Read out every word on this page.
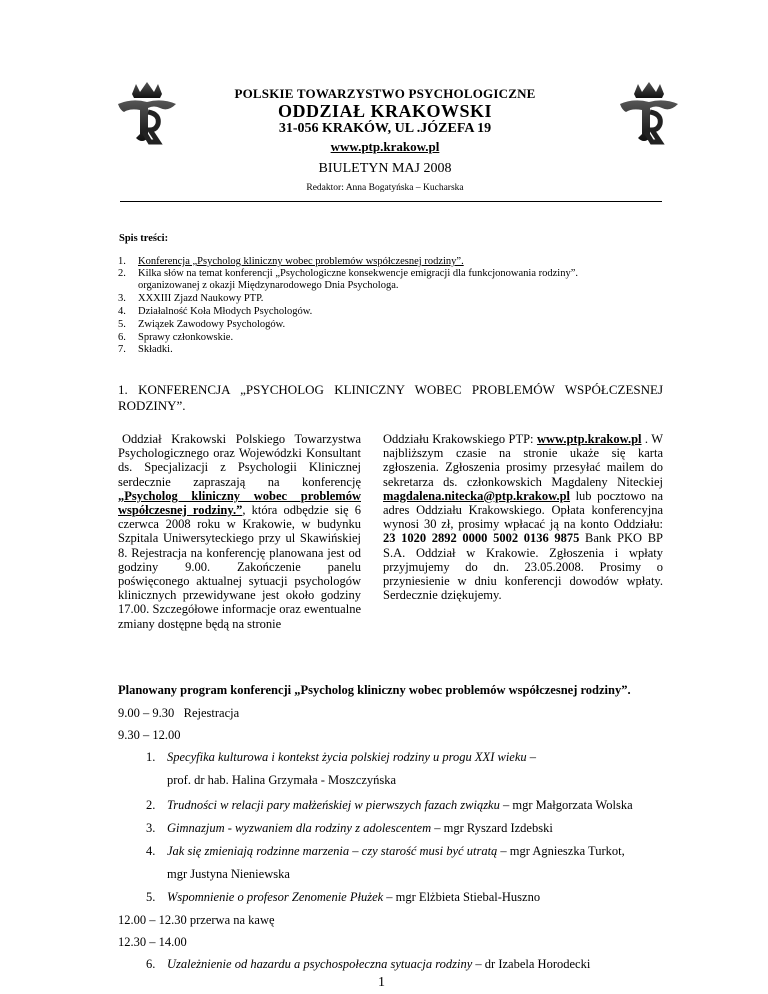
POLSKIE TOWARZYSTWO PSYCHOLOGICZNE
ODDZIAŁ KRAKOWSKI
31-056 KRAKÓW, UL .JÓZEFA 19
www.ptp.krakow.pl
BIULETYN MAJ 2008
Redaktor: Anna Bogatyńska – Kucharska
Spis treści:
1.	Konferencja „Psycholog kliniczny wobec problemów współczesnej rodziny”.
2.	Kilka słów na temat konferencji „Psychologiczne konsekwencje emigracji dla funkcjonowania rodziny”.
organizowanej z okazji Międzynarodowego Dnia Psychologa.
3.	XXXIII Zjazd Naukowy PTP.
4.	Działalność Koła Młodych Psychologów.
5.	Związek Zawodowy Psychologów.
6.	Sprawy członkowskie.
7.	Składki.
1. KONFERENCJA „PSYCHOLOG KLINICZNY WOBEC PROBLEMÓW WSPÓŁCZESNEJ
RODZINY”.
Oddział Krakowski Polskiego Towarzystwa Psychologicznego oraz Wojewódzki Konsultant ds. Specjalizacji z Psychologii Klinicznej serdecznie zapraszają na konferencję „Psycholog kliniczny wobec problemów współczesnej rodziny.”, która odbędzie się 6 czerwca 2008 roku w Krakowie, w budynku Szpitala Uniwersyteckiego przy ul Skawińskiej 8. Rejestracja na konferencję planowana jest od godziny 9.00. Zakończenie panelu poświęconego aktualnej sytuacji psychologów klinicznych przewidywane jest około godziny 17.00. Szczegółowe informacje oraz ewentualne zmiany dostępne będą na stronie
Oddziału Krakowskiego PTP: www.ptp.krakow.pl . W najbliższym czasie na stronie ukaże się karta zgłoszenia. Zgłoszenia prosimy przesyłać mailem do sekretarza ds. członkowskich Magdaleny Niteckiej magdalena.nitecka@ptp.krakow.pl lub pocztowo na adres Oddziału Krakowskiego. Opłata konferencyjna wynosi 30 zł, prosimy wpłacać ją na konto Oddziału: 23 1020 2892 0000 5002 0136 9875 Bank PKO BP S.A. Oddział w Krakowie. Zgłoszenia i wpłaty przyjmujemy do dn. 23.05.2008. Prosimy o przyniesienie w dniu konferencji dowodów wpłaty. Serdecznie dziękujemy.
Planowany program konferencji „Psycholog kliniczny wobec problemów współczesnej rodziny”.
9.00 – 9.30 Rejestracja
9.30 – 12.00
1. Specyfika kulturowa i kontekst życia polskiej rodziny u progu XXI wieku –
prof. dr hab. Halina Grzymała - Moszczyńska
2. Trudności w relacji pary małżeńskiej w pierwszych fazach związku – mgr Małgorzata Wolska
3. Gimnazjum - wyzwaniem dla rodziny z adolescentem – mgr Ryszard Izdebski
4. Jak się zmieniają rodzinne marzenia – czy starość musi być utratą – mgr Agnieszka Turkot,
mgr Justyna Nieniewska
5. Wspomnienie o profesor Zenomenie Płużek – mgr Elżbieta Stiebal-Huszno
12.00 – 12.30 przerwa na kawę
12.30 – 14.00
6. Uzależnienie od hazardu a psychospołeczna sytuacja rodziny – dr Izabela Horodecki
1
